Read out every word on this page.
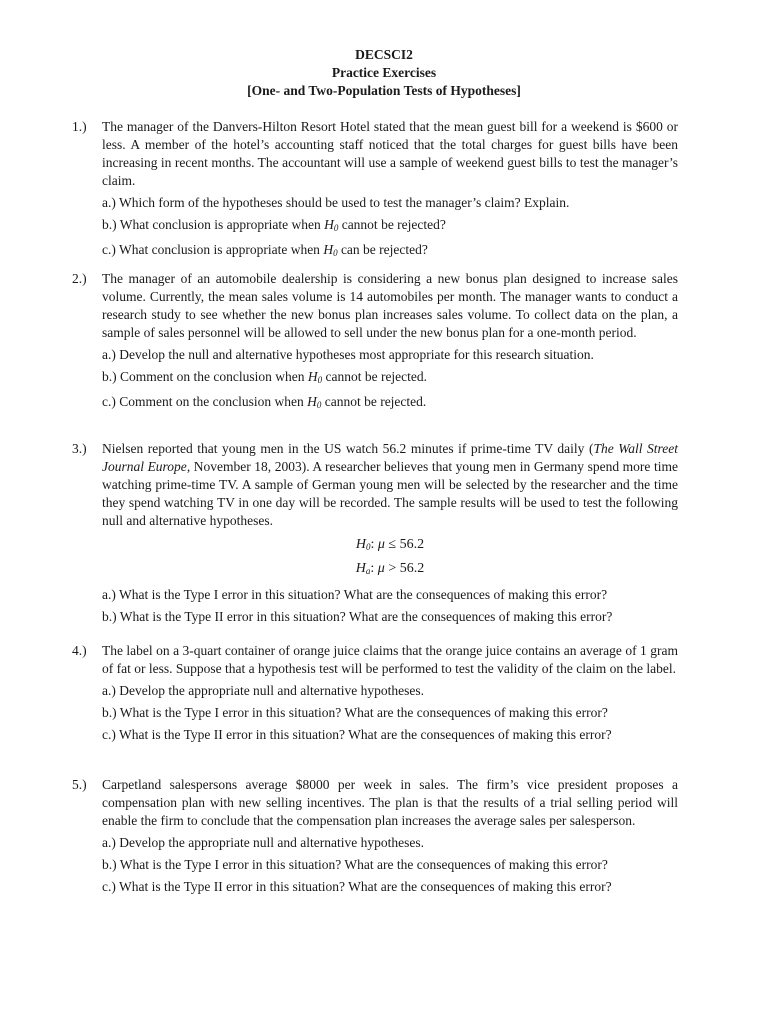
DECSCI2
Practice Exercises
[One- and Two-Population Tests of Hypotheses]
1.) The manager of the Danvers-Hilton Resort Hotel stated that the mean guest bill for a weekend is $600 or less. A member of the hotel’s accounting staff noticed that the total charges for guest bills have been increasing in recent months. The accountant will use a sample of weekend guest bills to test the manager’s claim.
a.) Which form of the hypotheses should be used to test the manager’s claim? Explain.
b.) What conclusion is appropriate when $H_0$ cannot be rejected?
c.) What conclusion is appropriate when $H_0$ can be rejected?
2.) The manager of an automobile dealership is considering a new bonus plan designed to increase sales volume. Currently, the mean sales volume is 14 automobiles per month. The manager wants to conduct a research study to see whether the new bonus plan increases sales volume. To collect data on the plan, a sample of sales personnel will be allowed to sell under the new bonus plan for a one-month period.
a.) Develop the null and alternative hypotheses most appropriate for this research situation.
b.) Comment on the conclusion when $H_0$ cannot be rejected.
c.) Comment on the conclusion when $H_0$ cannot be rejected.
3.) Nielsen reported that young men in the US watch 56.2 minutes if prime-time TV daily (The Wall Street Journal Europe, November 18, 2003). A researcher believes that young men in Germany spend more time watching prime-time TV. A sample of German young men will be selected by the researcher and the time they spend watching TV in one day will be recorded. The sample results will be used to test the following null and alternative hypotheses.
$H_0$: μ ≤ 56.2
$H_a$: μ > 56.2
a.) What is the Type I error in this situation? What are the consequences of making this error?
b.) What is the Type II error in this situation? What are the consequences of making this error?
4.) The label on a 3-quart container of orange juice claims that the orange juice contains an average of 1 gram of fat or less. Suppose that a hypothesis test will be performed to test the validity of the claim on the label.
a.) Develop the appropriate null and alternative hypotheses.
b.) What is the Type I error in this situation? What are the consequences of making this error?
c.) What is the Type II error in this situation? What are the consequences of making this error?
5.) Carpetland salespersons average $8000 per week in sales. The firm’s vice president proposes a compensation plan with new selling incentives. The plan is that the results of a trial selling period will enable the firm to conclude that the compensation plan increases the average sales per salesperson.
a.) Develop the appropriate null and alternative hypotheses.
b.) What is the Type I error in this situation? What are the consequences of making this error?
c.) What is the Type II error in this situation? What are the consequences of making this error?
